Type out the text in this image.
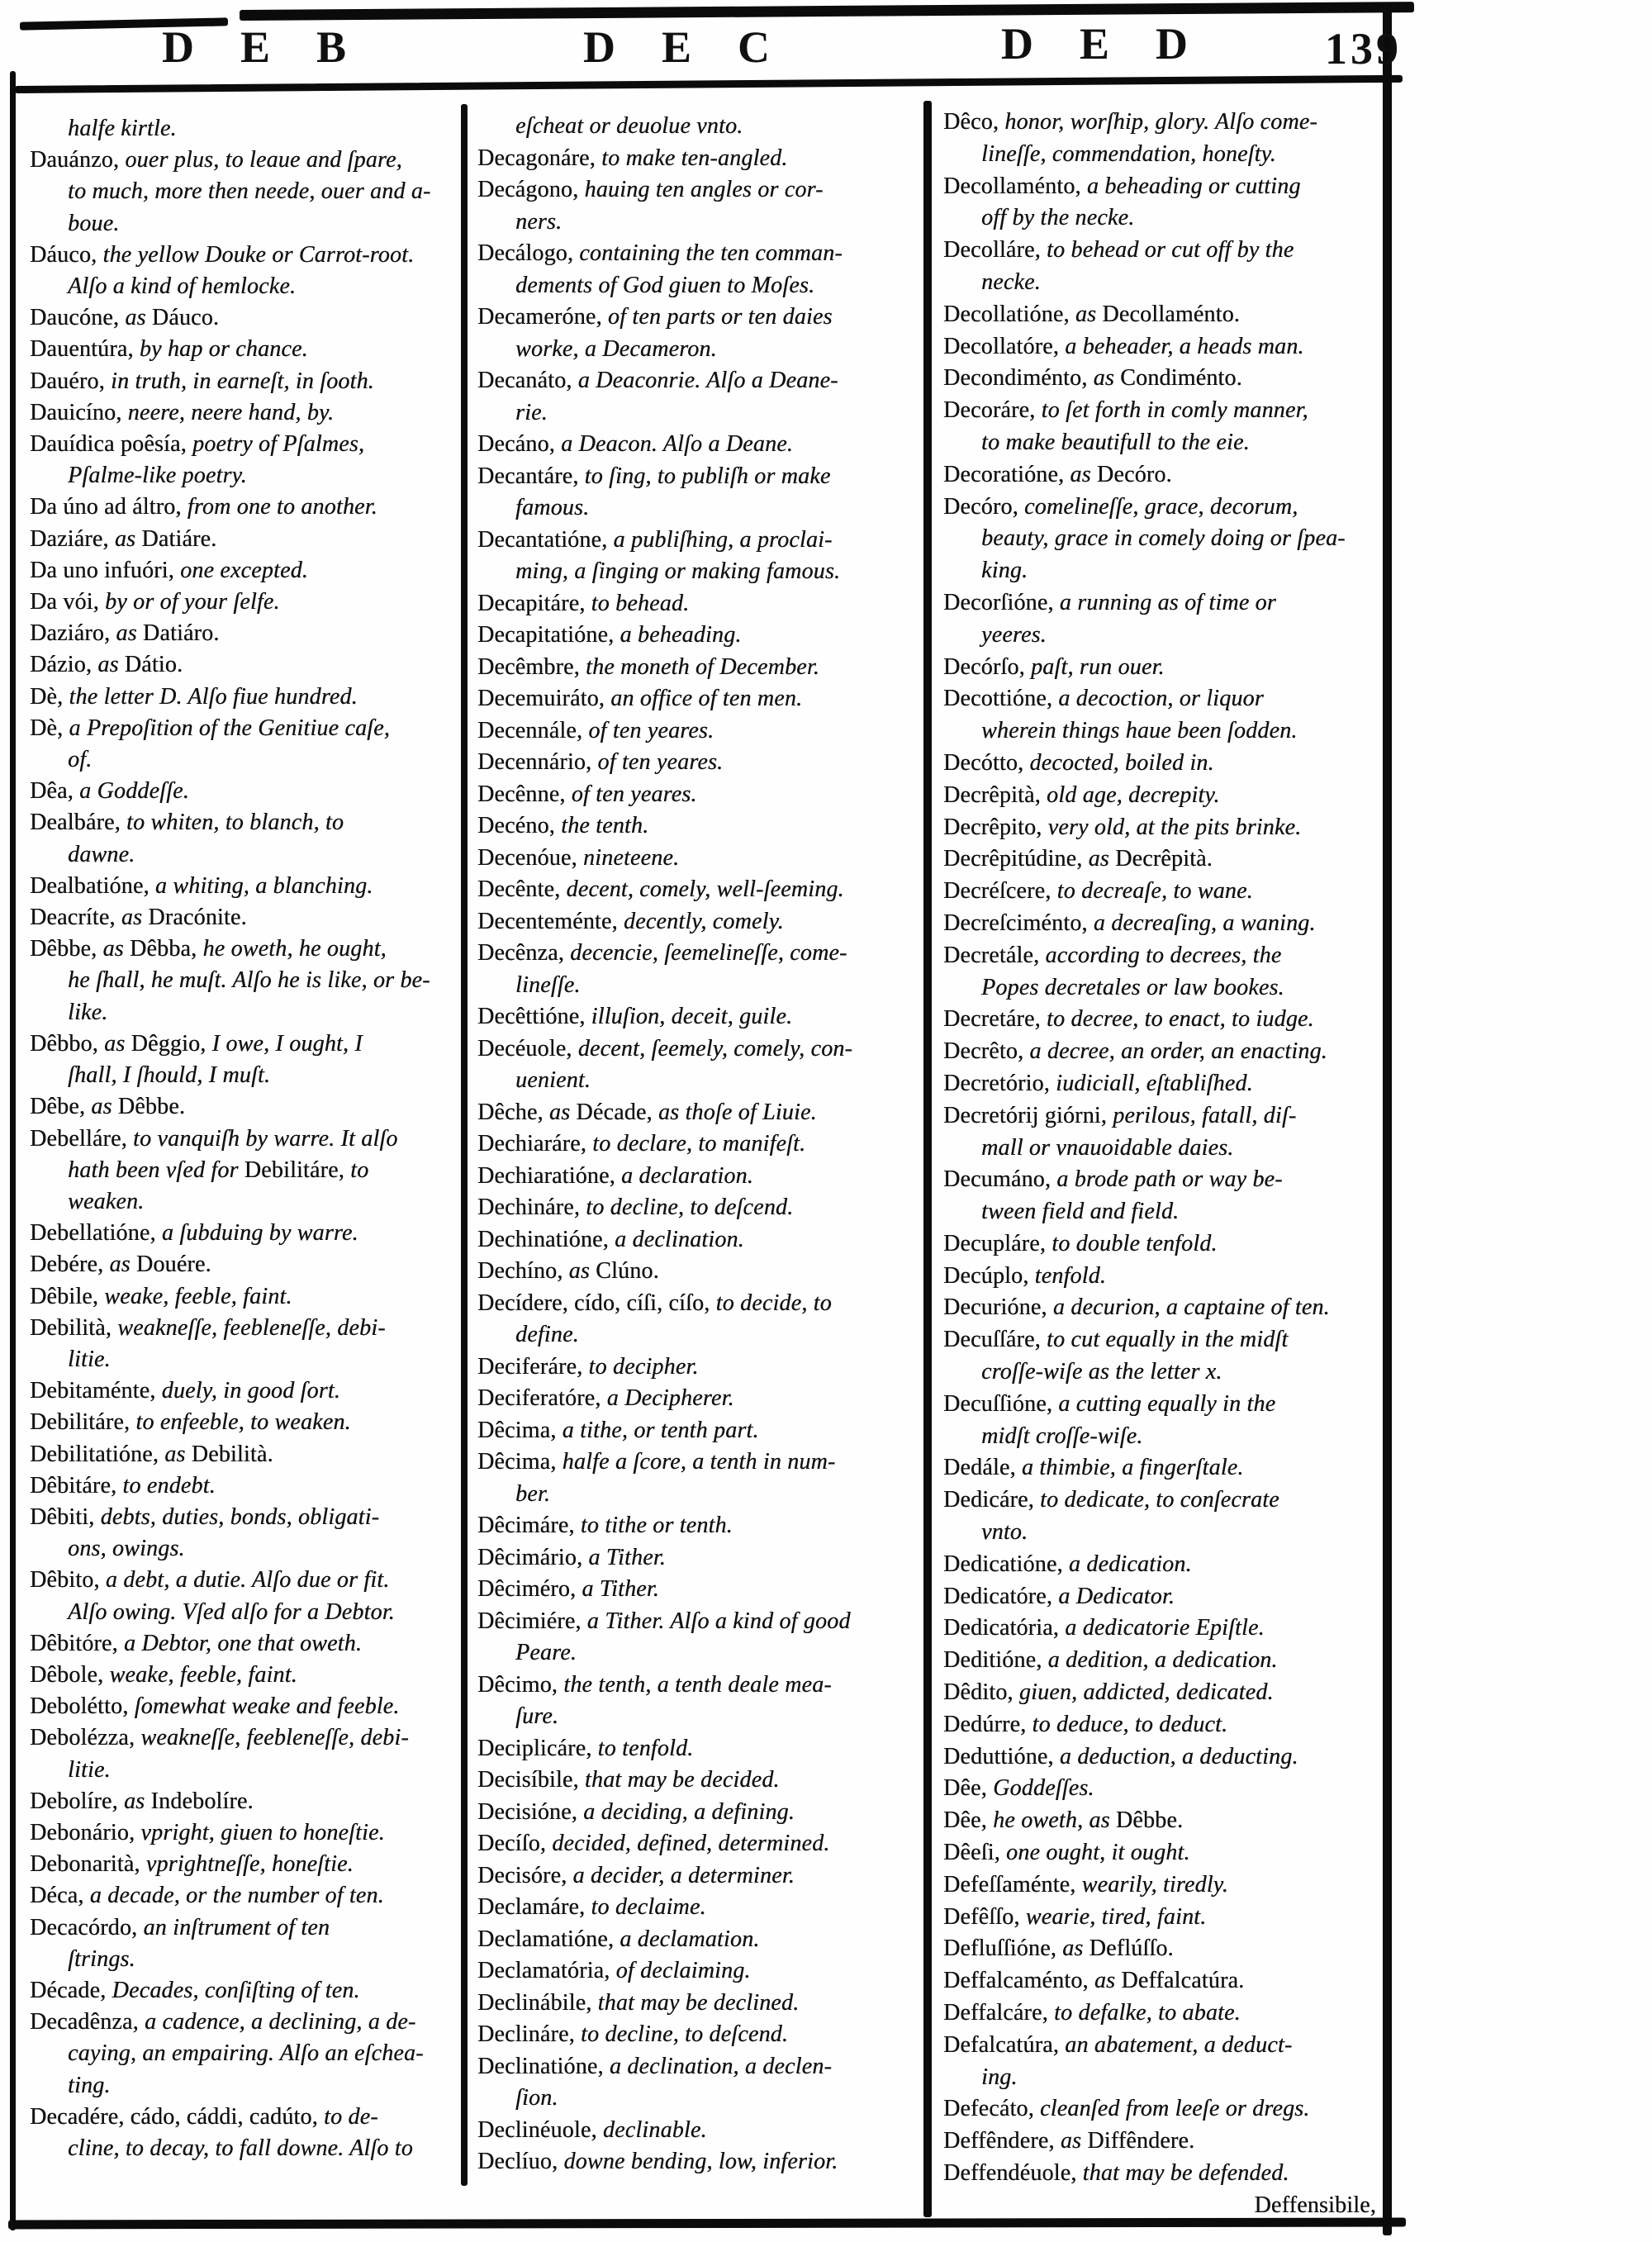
DEB	DEC	DED 139
halfe kirtle.
Dauánzo, ouer plus, to leaue and ſpare,
to much, more then neede, ouer and a-
boue.
Dáuco, the yellow Douke or Carrot-root.
Alſo a kind of hemlocke.
Daucóne, as Dáuco.
Dauentúra, by hap or chance.
Dauéro, in truth, in earneſt, in ſooth.
Dauicíno, neere, neere hand, by.
Dauídica poêsía, poetry of Pſalmes,
Pſalme-like poetry.
Da úno ad áltro, from one to another.
Daziáre, as Datiáre.
Da uno infuóri, one excepted.
Da vói, by or of your ſelfe.
Daziáro, as Datiáro.
Dázio, as Dátio.
Dè, the letter D. Alſo fiue hundred.
Dè, a Prepoſition of the Genitiue caſe,
of.
Dêa, a Goddeſſe.
Dealbáre, to whiten, to blanch, to
dawne.
Dealbatióne, a whiting, a blanching.
Deacríte, as Dracónite.
Dêbbe, as Dêbba, he oweth, he ought,
he ſhall, he muſt. Alſo he is like, or be-
like.
Dêbbo, as Dêggio, I owe, I ought, I
ſhall, I ſhould, I muſt.
Dêbe, as Dêbbe.
Debelláre, to vanquiſh by warre. It alſo
hath been vſed for Debilitáre, to
weaken.
Debellatióne, a ſubduing by warre.
Debére, as Douére.
Dêbile, weake, feeble, faint.
Debilità, weakneſſe, feebleneſſe, debi-
litie.
Debitaménte, duely, in good ſort.
Debilitáre, to enfeeble, to weaken.
Debilitatióne, as Debilità.
Dêbitáre, to endebt.
Dêbiti, debts, duties, bonds, obligati-
ons, owings.
Dêbito, a debt, a dutie. Alſo due or fit.
Alſo owing. Vſed alſo for a Debtor.
Dêbitóre, a Debtor, one that oweth.
Dêbole, weake, feeble, faint.
Debolétto, ſomewhat weake and feeble.
Debolézza, weakneſſe, feebleneſſe, debi-
litie.
Debolíre, as Indebolíre.
Debonário, vpright, giuen to honeſtie.
Debonarità, vprightneſſe, honeſtie.
Déca, a decade, or the number of ten.
Decacórdo, an inſtrument of ten
ſtrings.
Décade, Decades, conſiſting of ten.
Decadênza, a cadence, a declining, a de-
caying, an empairing. Alſo an eſchea-
ting.
Decadére, cádo, cáddi, cadúto, to de-
cline, to decay, to fall downe. Alſo to
eſcheat or deuolue vnto.
Decagonáre, to make ten-angled.
Decágono, hauing ten angles or cor-
ners.
Decálogo, containing the ten comman-
dements of God giuen to Moſes.
Decameróne, of ten parts or ten daies
worke, a Decameron.
Decanáto, a Deaconrie. Alſo a Deane-
rie.
Decáno, a Deacon. Alſo a Deane.
Decantáre, to ſing, to publiſh or make
famous.
Decantatióne, a publiſhing, a proclai-
ming, a ſinging or making famous.
Decapitáre, to behead.
Decapitatióne, a beheading.
Decêmbre, the moneth of December.
Decemuiráto, an office of ten men.
Decennále, of ten yeares.
Decennário, of ten yeares.
Decênne, of ten yeares.
Decéno, the tenth.
Decenóue, nineteene.
Decênte, decent, comely, well-ſeeming.
Decenteménte, decently, comely.
Decênza, decencie, ſeemelineſſe, come-
lineſſe.
Decêttióne, illuſion, deceit, guile.
Decéuole, decent, ſeemely, comely, con-
uenient.
Dêche, as Décade, as thoſe of Liuie.
Dechiaráre, to declare, to manifeſt.
Dechiaratióne, a declaration.
Dechináre, to decline, to deſcend.
Dechinatióne, a declination.
Dechíno, as Clúno.
Decídere, cído, cíſi, cíſo, to decide, to
define.
Deciferáre, to decipher.
Deciferatóre, a Decipherer.
Dêcima, a tithe, or tenth part.
Dêcima, halfe a ſcore, a tenth in num-
ber.
Dêcimáre, to tithe or tenth.
Dêcimário, a Tither.
Dêciméro, a Tither.
Dêcimiére, a Tither. Alſo a kind of good
Peare.
Dêcimo, the tenth, a tenth deale mea-
ſure.
Deciplicáre, to tenfold.
Decisíbile, that may be decided.
Decisióne, a deciding, a defining.
Decíſo, decided, defined, determined.
Decisóre, a decider, a determiner.
Declamáre, to declaime.
Declamatióne, a declamation.
Declamatória, of declaiming.
Declinábile, that may be declined.
Declináre, to decline, to deſcend.
Declinatióne, a declination, a declen-
ſion.
Declinéuole, declinable.
Declíuo, downe bending, low, inferior.
Dêco, honor, worſhip, glory. Alſo come-
lineſſe, commendation, honeſty.
Decollaménto, a beheading or cutting
off by the necke.
Decolláre, to behead or cut off by the
necke.
Decollatióne, as Decollaménto.
Decollatóre, a beheader, a heads man.
Decondiménto, as Condiménto.
Decoráre, to ſet forth in comly manner,
to make beautifull to the eie.
Decoratióne, as Decóro.
Decóro, comelineſſe, grace, decorum,
beauty, grace in comely doing or ſpea-
king.
Decorſióne, a running as of time or
yeeres.
Decórſo, paſt, run ouer.
Decottióne, a decoction, or liquor
wherein things haue been ſodden.
Decótto, decocted, boiled in.
Decrêpità, old age, decrepity.
Decrêpito, very old, at the pits brinke.
Decrêpitúdine, as Decrêpità.
Decréſcere, to decreaſe, to wane.
Decreſciménto, a decreaſing, a waning.
Decretále, according to decrees, the
Popes decretales or law bookes.
Decretáre, to decree, to enact, to iudge.
Decrêto, a decree, an order, an enacting.
Decretório, iudiciall, eſtabliſhed.
Decretórij giórni, perilous, fatall, diſ-
mall or vnauoidable daies.
Decumáno, a brode path or way be-
tween field and field.
Decupláre, to double tenfold.
Decúplo, tenfold.
Decurióne, a decurion, a captaine of ten.
Decuſſáre, to cut equally in the midſt
croſſe-wiſe as the letter x.
Decuſſióne, a cutting equally in the
midſt croſſe-wiſe.
Dedále, a thimbie, a fingerſtale.
Dedicáre, to dedicate, to conſecrate
vnto.
Dedicatióne, a dedication.
Dedicatóre, a Dedicator.
Dedicatória, a dedicatorie Epiſtle.
Deditióne, a dedition, a dedication.
Dêdito, giuen, addicted, dedicated.
Dedúrre, to deduce, to deduct.
Deduttióne, a deduction, a deducting.
Dêe, Goddeſſes.
Dêe, he oweth, as Dêbbe.
Dêeſi, one ought, it ought.
Defeſſaménte, wearily, tiredly.
Defêſſo, wearie, tired, faint.
Defluſſióne, as Deflúſſo.
Deffalcaménto, as Deffalcatúra.
Deffalcáre, to defalke, to abate.
Defalcatúra, an abatement, a deduct-
ing.
Defecáto, cleanſed from leeſe or dregs.
Deffêndere, as Diffêndere.
Deffendéuole, that may be defended.
Deffensibile,
